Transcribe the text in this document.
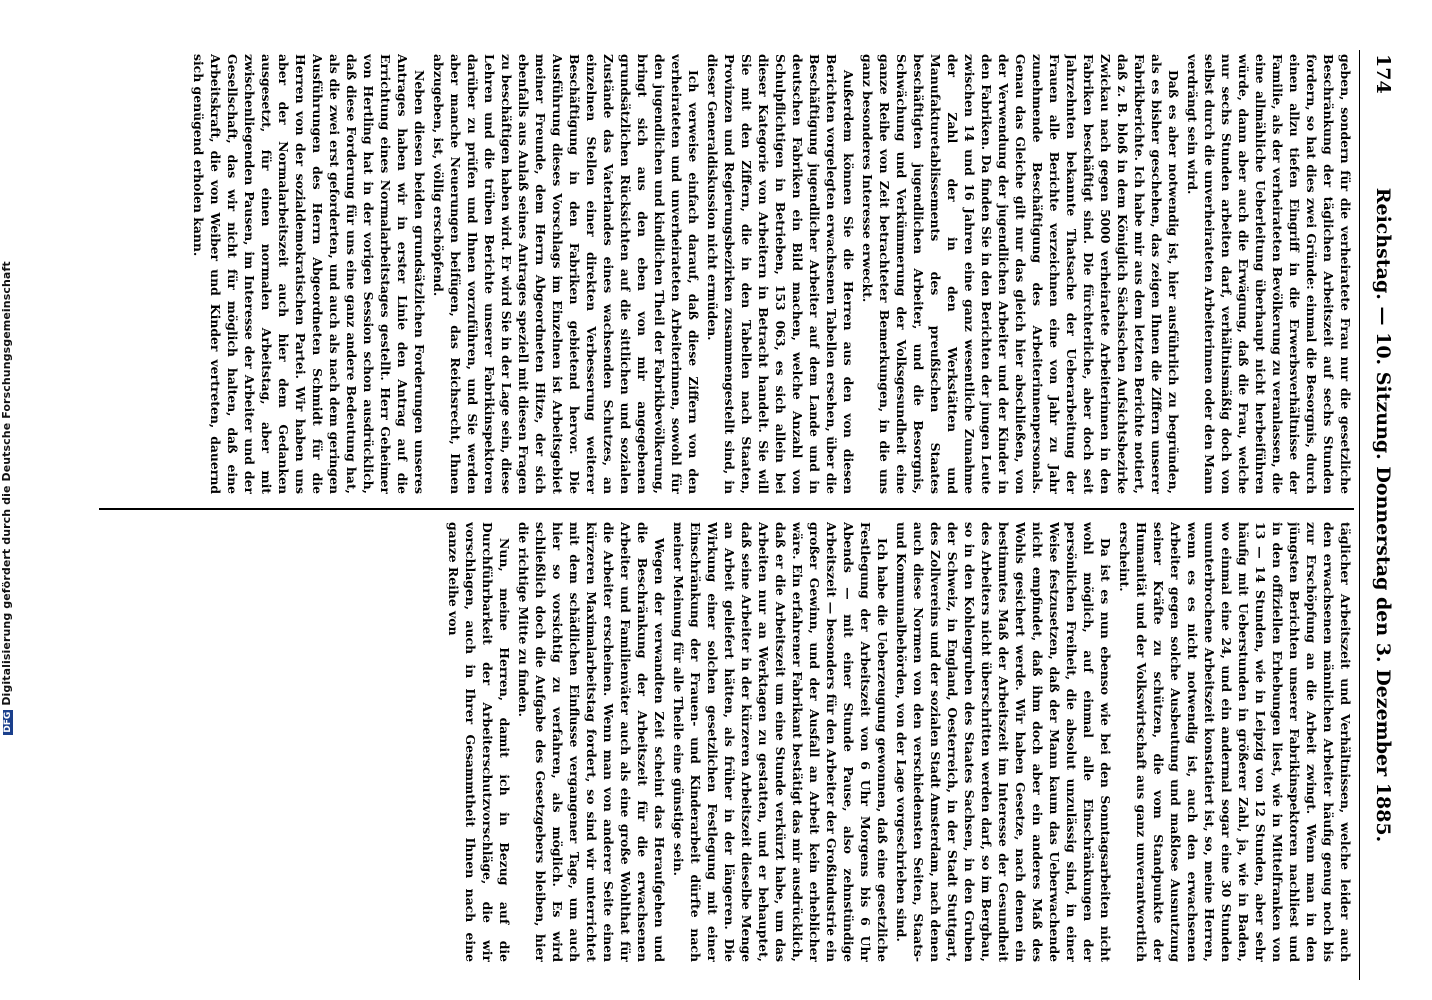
DFGDigitalisierung gefördert durch die Deutsche Forschungsgemeinschaft
174
Reichstag. — 10. Sitzung. Donnerstag den 3. Dezember 1885.

geben, sondern für die verheiratete Frau nur die gesetzliche Beschränkung der täglichen Arbeitszeit auf sechs Stunden fordern, so hat dies zwei Gründe: einmal die Besorgnis, durch einen allzu tiefen Eingriff in die Erwerbsverhältnisse der Familie, als der verheirateten Bevölkerung zu veranlassen, die eine allmähliche Ueberleitung überhaupt nicht herbeiführen würde, dann aber auch die Erwägung, daß die Frau, welche nur sechs Stunden arbeiten darf, verhältnismäßig doch von selbst durch die unverheirateten Arbeiterinnen oder den Mann verdrängt sein wird.

Daß es aber notwendig ist, hier ausführlich zu begründen, als es bisher geschehen, das zeigen Ihnen die Ziffern unserer Fabrikberichte. Ich habe mir aus dem letzten Berichte notiert, daß z. B. bloß in dem Königlich Sächsischen Aufsichtsbezirke Zwickau nach gegen 5000 verheiratete Arbeiterinnen in den Fabriken beschäftigt sind. Die fürchterliche, aber doch seit Jahrzehnten bekannte Thatsache der Ueberarbeitung der Frauen alle Berichte verzeichnen eine von Jahr zu Jahr zunehmende Beschäftigung des Arbeiterinnenpersonals. Genau das Gleiche gilt nur das gleich hier abschließen, von der Verwendung der jugendlichen Arbeiter und der Kinder in den Fabriken. Da finden Sie in den Berichten der jungen Leute zwischen 14 und 16 Jahren eine ganz wesentliche Zunahme der Zahl der in den Werkstätten und Manufakturetablissements des preußischen Staates beschäftigten jugendlichen Arbeiter, und die Besorgnis, Schwächung und Verkümmerung der Volksgesundheit eine ganze Reihe von Zeit betrachteter Bemerkungen, in die uns ganz besonderes Interesse erweckt.

Außerdem können Sie die Herren aus den von diesen Berichten vorgelegten erwachsenen Tabellen ersehen, über die Beschäftigung jugendlicher Arbeiter auf dem Lande und in deutschen Fabriken ein Bild machen, welche Anzahl von Schulpflichtigen in Betrieben, 153 063, es sich allein bei dieser Kategorie von Arbeitern in Betracht handelt. Sie will Sie mit den Ziffern, die in den Tabellen nach Staaten, Provinzen und Regierungsbezirken zusammengestellt sind, in dieser Generaldiskussion nicht ermüden.

Ich verweise einfach darauf, daß diese Ziffern von den verheirateten und unverheirateten Arbeiterinnen, sowohl für den jugendlichen und kindlichen Theil der Fabrikbevölkerung, bringt sich aus den eben von mir angegebenen grundsätzlichen Rücksichten auf die sittlichen und sozialen Zustände das Vaterlandes eines wachsenden Schutzes, an einzelnen Stellen einer direkten Verbesserung weiterer Beschäftigung in den Fabriken gebietend hervor. Die Ausführung dieses Vorschlags im Einzelnen ist Arbeitsgebiet meiner Freunde, dem Herrn Abgeordneten Hitze, der sich ebenfalls aus Anlaß seines Antrages speziell mit diesen Fragen zu beschäftigen haben wird. Er wird Sie in der Lage sein, diese Lehren und die trüben Berichte unserer Fabrikinspektoren darüber zu prüfen und Ihnen vorzuführen, und Sie werden aber manche Neuerungen beifügen, das Reichsrecht, Ihnen abzugeben, ist, völlig erschöpfend.

Neben diesen beiden grundsätzlichen Forderungen unseres Antrages haben wir in erster Linie den Antrag auf die Errichtung eines Normalarbeitstages gestellt. Herr Geheimer von Hertling hat in der vorigen Session schon ausdrücklich, daß diese Forderung für uns eine ganz andere Bedeutung hat, als die zwei erst geforderten, und auch als nach dem geringen Ausführungen des Herrn Abgeordneten Schmidt für die Herren von der sozialdemokratischen Partei. Wir haben uns aber der Normalarbeitszeit auch hier dem Gedanken ausgesetzt, für einen normalen Arbeitstag, aber mit zwischenliegenden Pausen, im Interesse der Arbeiter und der Gesellschaft, das wir nicht für möglich halten, daß eine Arbeitskraft, die von Weiber und Kinder vertreten, dauernd sich genügend erholen kann.

täglicher Arbeitszeit und Verhältnissen, welche leider auch den erwachsenen männlichen Arbeiter häufig genug noch bis zur Erschöpfung an die Arbeit zwingt. Wenn man in den jüngsten Berichten unserer Fabrikinspektoren nachliest und in den offiziellen Erhebungen liest, wie in Mittelfranken von 13 — 14 Stunden, wie in Leipzig von 12 Stunden, aber sehr häufig mit Ueberstunden in größerer Zahl, ja, wie in Baden, wo einmal eine 24, und ein andermal sogar eine 30 Stunden ununterbrochene Arbeitszeit konstatiert ist, so, meine Herren, wenn es es nicht notwendig ist, auch den erwachsenen Arbeiter gegen solche Ausbeutung und maßlose Ausnutzung seiner Kräfte zu schützen, die vom Standpunkte der Humanität und der Volkswirtschaft aus ganz unverantwortlich erscheint.

Da ist es nun ebenso wie bei den Sonntagsarbeiten nicht wohl möglich, auf einmal alle Einschränkungen der persönlichen Freiheit, die absolut unzulässig sind, in einer Weise festzusetzen, daß der Mann kaum das Ueberwachende nicht empfindet, daß ihm doch aber ein anderes Maß des Wohls gesichert werde. Wir haben Gesetze, nach denen ein bestimmtes Maß der Arbeitszeit im Interesse der Gesundheit des Arbeiters nicht überschritten werden darf, so im Bergbau, so in den Kohlengruben des Staates Sachsen, in den Gruben der Schweiz, in England, Oesterreich, in der Stadt Stuttgart, des Zollvereins und der sozialen Stadt Amsterdam, nach denen auch diese Normen von den verschiedensten Seiten, Staats- und Kommunalbehörden, von der Lage vorgeschrieben sind.

Ich habe die Ueberzeugung gewonnen, daß eine gesetzliche Festlegung der Arbeitszeit von 6 Uhr Morgens bis 6 Uhr Abends — mit einer Stunde Pause, also zehnstündige Arbeitszeit — besonders für den Arbeiter der Großindustrie ein großer Gewinn, und der Ausfall an Arbeit kein erheblicher wäre. Ein erfahrener Fabrikant bestätigt das mir ausdrücklich, daß er die Arbeitszeit um eine Stunde verkürzt habe, um das Arbeiten nur an Werktagen zu gestatten, und er behauptet, daß seine Arbeiter in der kürzeren Arbeitszeit dieselbe Menge an Arbeit geliefert hätten, als früher in der längeren. Die Wirkung einer solchen gesetzlichen Festlegung mit einer Einschränkung der Frauen- und Kinderarbeit dürfte nach meiner Meinung für alle Theile eine günstige sein.

Wegen der verwandten Zeit scheint das Heraufgehen und die Beschränkung der Arbeitszeit für die erwachsenen Arbeiter und Familienväter auch als eine große Wohlthat für die Arbeiter erscheinen. Wenn man von anderer Seite einen kürzeren Maximalarbeitstag fordert, so sind wir unterrichtet mit dem schädlichen Einflusse vergangener Tage, um auch hier so vorsichtig zu verfahren, als möglich. Es wird schließlich doch die Aufgabe des Gesetzgebers bleiben, hier die richtige Mitte zu finden.

Nun, meine Herren, damit ich in Bezug auf die Durchführbarkeit der Arbeiterschutzvorschläge, die wir vorschlagen, auch in Ihrer Gesammtheit Ihnen nach eine ganze Reihe von
